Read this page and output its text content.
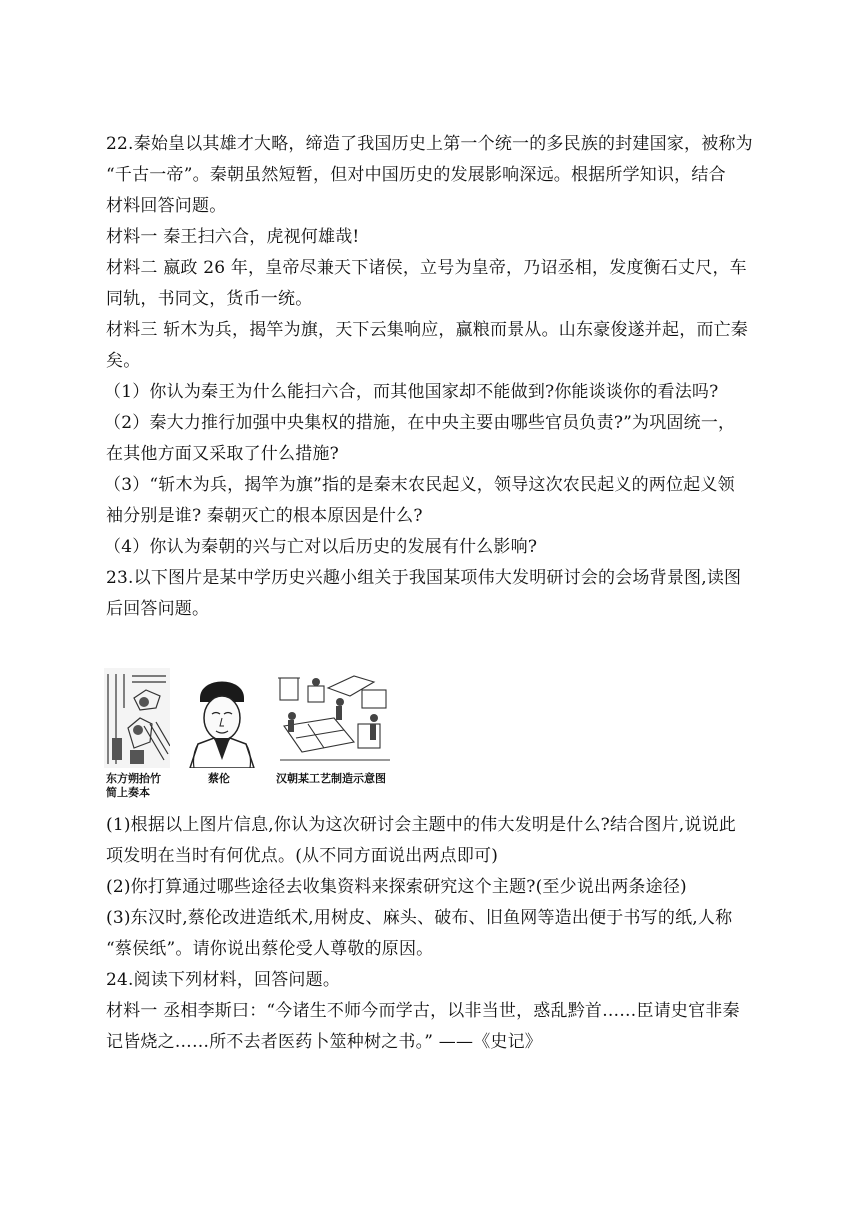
22.秦始皇以其雄才大略，缔造了我国历史上第一个统一的多民族的封建国家，被称为
“千古一帝”。秦朝虽然短暂，但对中国历史的发展影响深远。根据所学知识，结合
材料回答问题。
材料一 秦王扫六合，虎视何雄哉!
材料二 嬴政 26 年，皇帝尽兼天下诸侯，立号为皇帝，乃诏丞相，发度衡石丈尺，车
同轨，书同文，货币一统。
材料三 斩木为兵，揭竿为旗，天下云集响应，赢粮而景从。山东豪俊遂并起，而亡秦
矣。
（1）你认为秦王为什么能扫六合，而其他国家却不能做到?你能谈谈你的看法吗?
（2）秦大力推行加强中央集权的措施，在中央主要由哪些官员负责?”为巩固统一，
在其他方面又采取了什么措施?
（3）“斩木为兵，揭竿为旗”指的是秦末农民起义，领导这次农民起义的两位起义领
袖分别是谁? 秦朝灭亡的根本原因是什么?
（4）你认为秦朝的兴与亡对以后历史的发展有什么影响?
23.以下图片是某中学历史兴趣小组关于我国某项伟大发明研讨会的会场背景图,读图
后回答问题。
东方朔抬竹
简上奏本
蔡伦	汉朝某工艺制造示意图
(1)根据以上图片信息,你认为这次研讨会主题中的伟大发明是什么?结合图片,说说此
项发明在当时有何优点。(从不同方面说出两点即可)
(2)你打算通过哪些途径去收集资料来探索研究这个主题?(至少说出两条途径)
(3)东汉时,蔡伦改进造纸术,用树皮、麻头、破布、旧鱼网等造出便于书写的纸,人称
“蔡侯纸”。请你说出蔡伦受人尊敬的原因。
24.阅读下列材料，回答问题。
材料一 丞相李斯曰：“今诸生不师今而学古，以非当世，惑乱黔首……臣请史官非秦
记皆烧之……所不去者医药卜筮种树之书。” ——《史记》
